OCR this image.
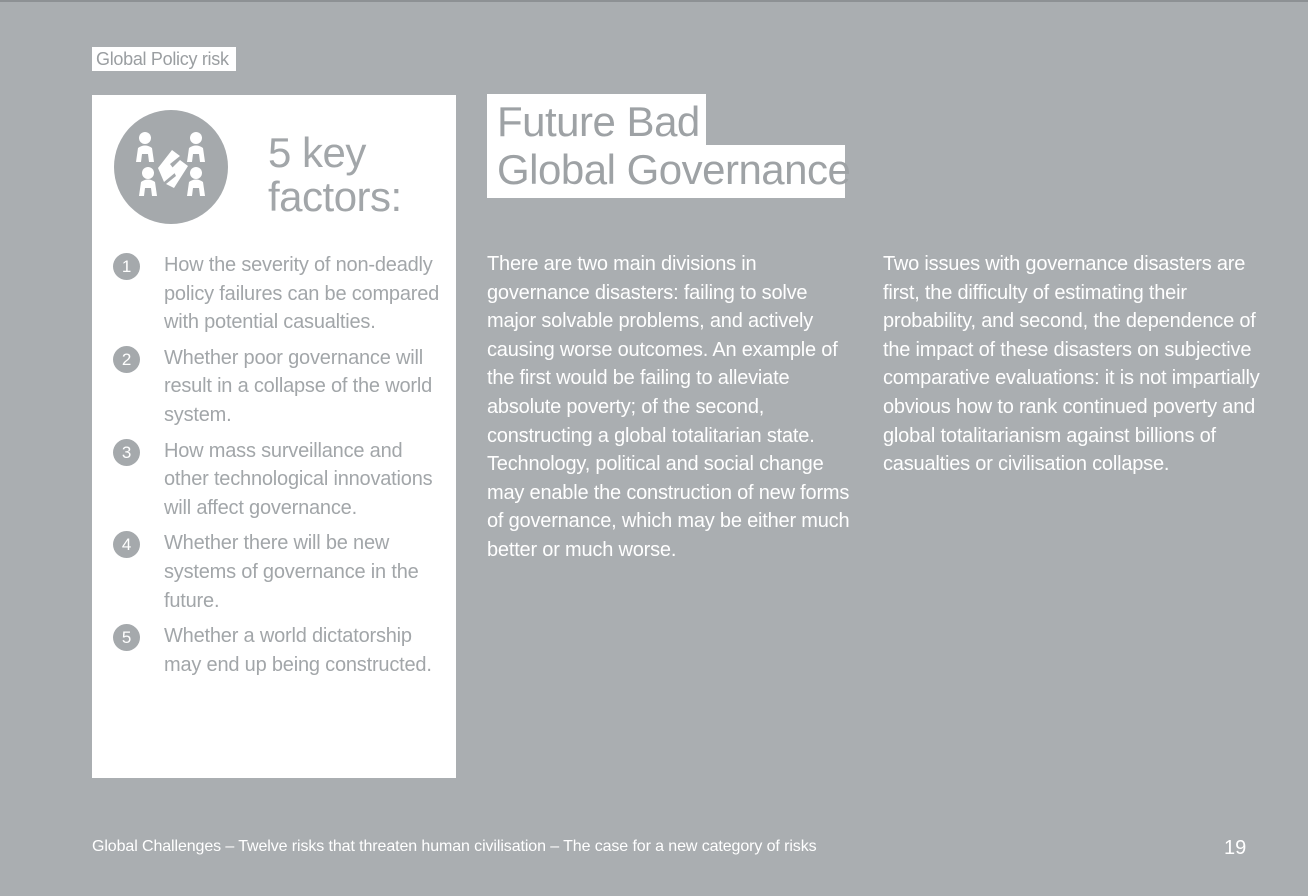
Global Policy risk
5 key factors:
1	How the severity of non-deadly policy failures can be compared with potential casualties.
2	Whether poor governance will result in a collapse of the world system.
3	How mass surveillance and other technological innovations will affect governance.
4	Whether there will be new systems of governance in the future.
5	Whether a world dictatorship may end up being constructed.
Future Bad
Global Governance
There are two main divisions in governance disasters: failing to solve major solvable problems, and actively causing worse outcomes. An example of the first would be failing to alleviate absolute poverty; of the second, constructing a global totalitarian state. Technology, political and social change may enable the construction of new forms of governance, which may be either much better or much worse.
Two issues with governance disasters are first, the difficulty of estimating their probability, and second, the dependence of the impact of these disasters on subjective comparative evaluations: it is not impartially obvious how to rank continued poverty and global totalitarianism against billions of casualties or civilisation collapse.
Global Challenges – Twelve risks that threaten human civilisation – The case for a new category of risks	19
